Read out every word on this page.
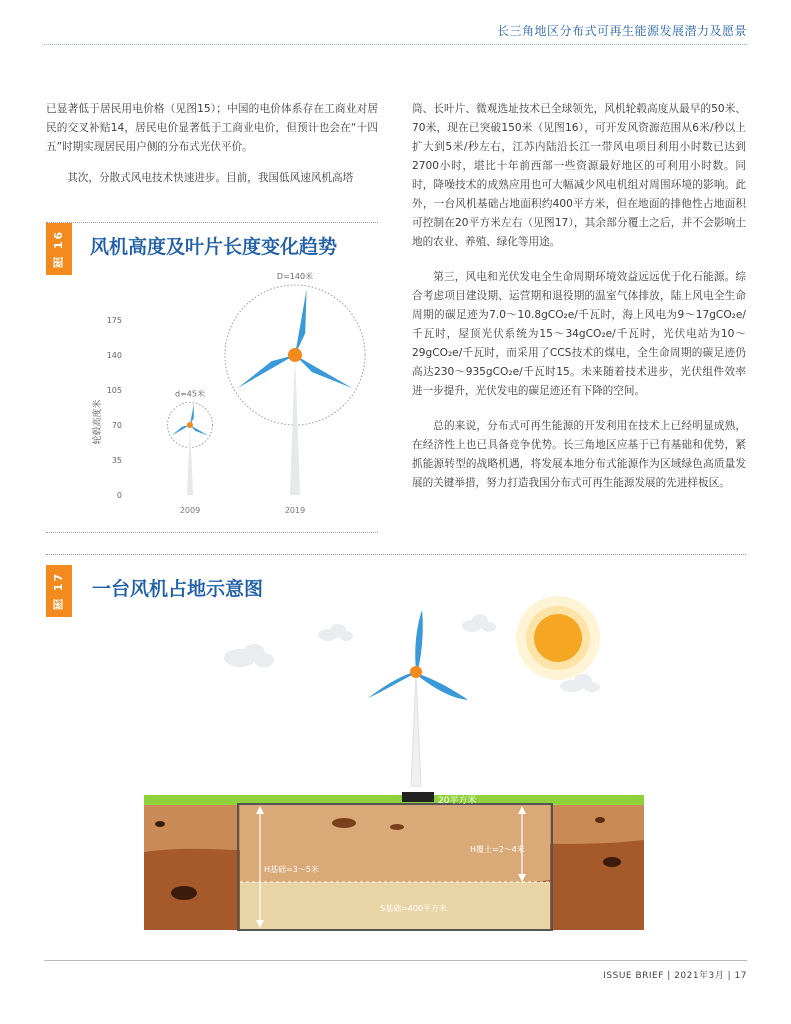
长三角地区分布式可再生能源发展潜力及愿景

已显著低于居民用电价格（见图15）；中国的电价体系存在工商业对居民的交叉补贴14，居民电价显著低于工商业电价，但预计也会在“十四五”时期实现居民用户侧的分布式光伏平价。

其次，分散式风电技术快速进步。目前，我国低风速风机高塔

筒、长叶片、微观选址技术已全球领先，风机轮毂高度从最早的50米、70米，现在已突破150米（见图16），可开发风资源范围从6米/秒以上扩大到5米/秒左右，江苏内陆沿长江一带风电项目利用小时数已达到2700小时，堪比十年前西部一些资源最好地区的可利用小时数。同时，降噪技术的成熟应用也可大幅减少风电机组对周围环境的影响。此外，一台风机基础占地面积约400平方米，但在地面的排他性占地面积可控制在20平方米左右（见图17），其余部分覆土之后，并不会影响土地的农业、养殖、绿化等用途。

第三，风电和光伏发电全生命周期环境效益远远优于化石能源。综合考虑项目建设期、运营期和退役期的温室气体排放，陆上风电全生命周期的碳足迹为7.0～10.8gCO₂e/千瓦时，海上风电为9～17gCO₂e/千瓦时，屋顶光伏系统为15～34gCO₂e/千瓦时，光伏电站为10～29gCO₂e/千瓦时，而采用了CCS技术的煤电，全生命周期的碳足迹仍高达230～935gCO₂e/千瓦时15。未来随着技术进步，光伏组件效率进一步提升，光伏发电的碳足迹还有下降的空间。

总的来说，分布式可再生能源的开发利用在技术上已经明显成熟，在经济性上也已具备竞争优势。长三角地区应基于已有基础和优势，紧抓能源转型的战略机遇，将发展本地分布式能源作为区域绿色高质量发展的关键举措，努力打造我国分布式可再生能源发展的先进样板区。

图 16	风机高度及叶片长度变化趋势
轮毂高度米
0
35
70
105
140
175
d=45米
2009
D=140米
2019
图 17	一台风机占地示意图
20平方米
H基础=3～5米
H覆土=2～4米
S基础=400平方米
ISSUE BRIEF | 2021年3月 | 17
